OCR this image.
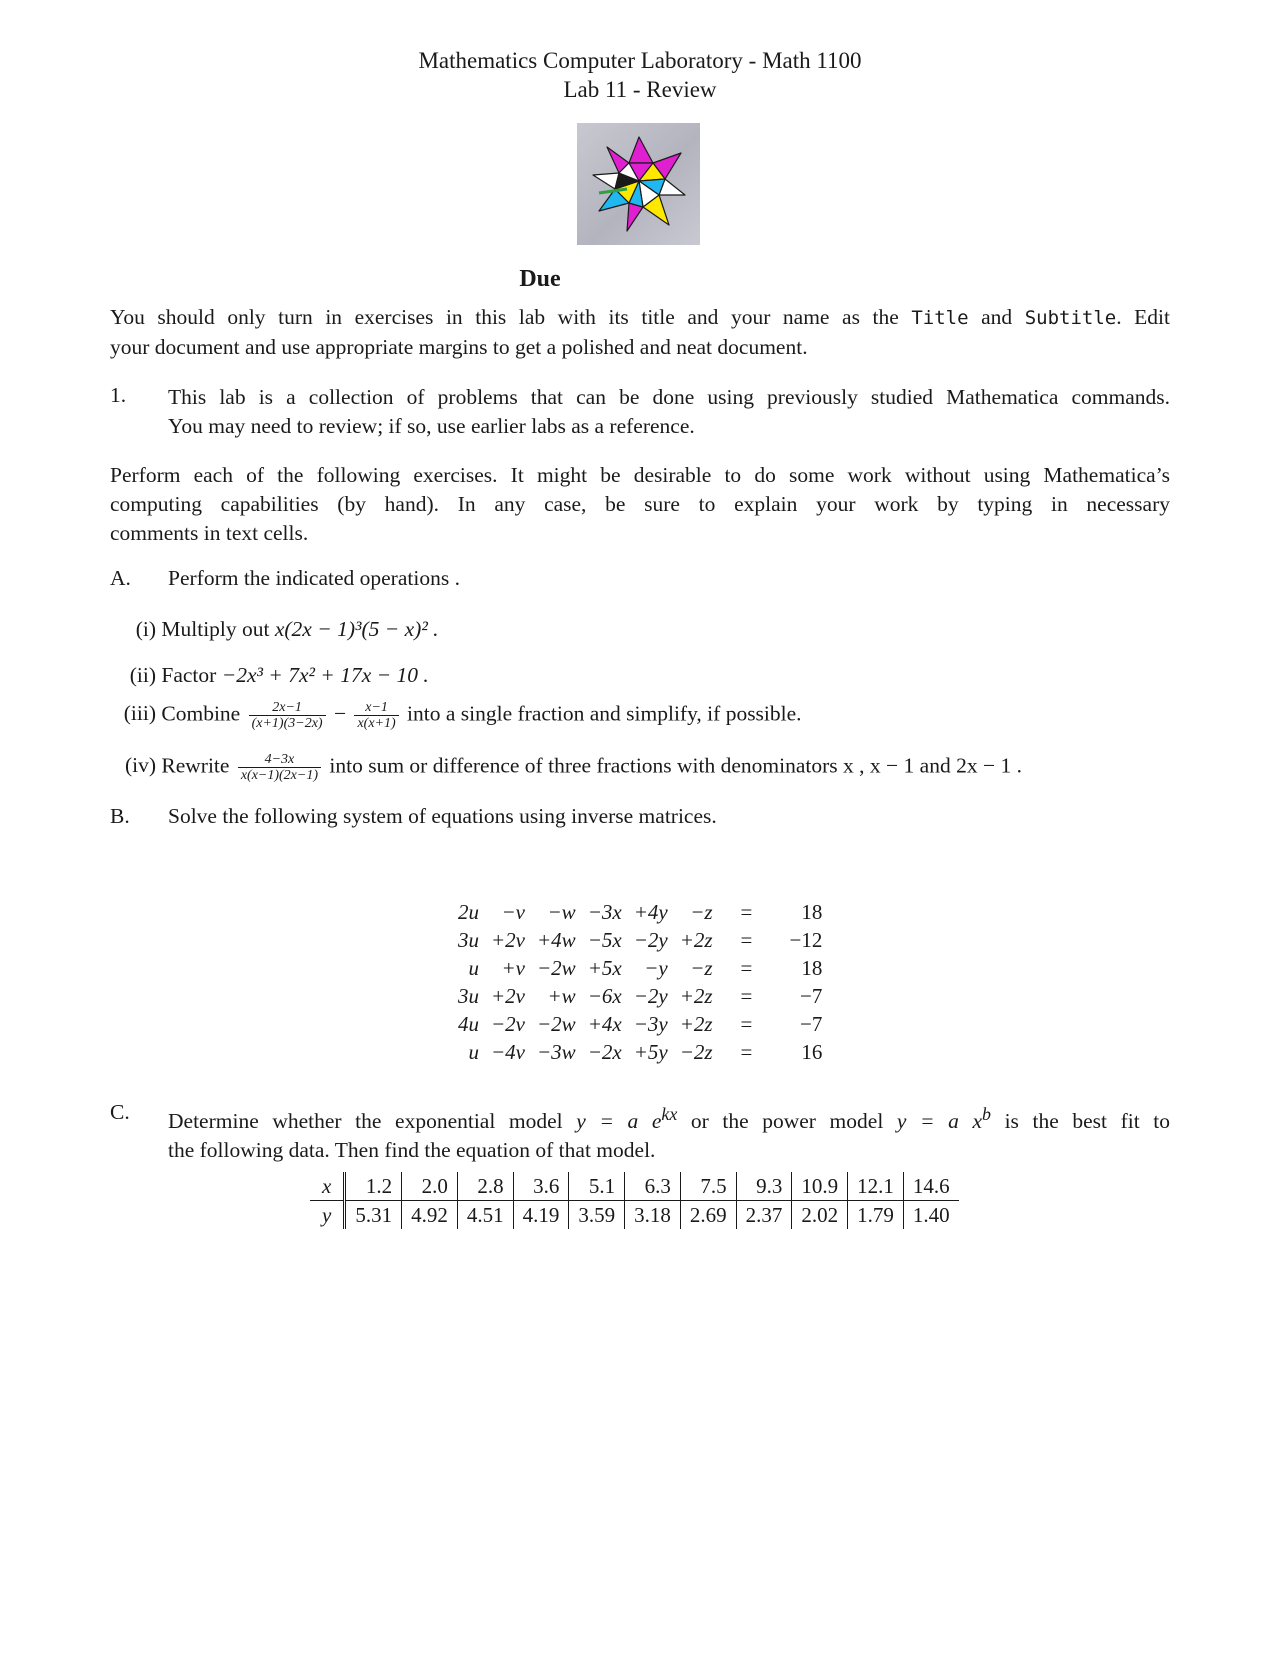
Mathematics Computer Laboratory - Math 1100
Lab 11 - Review
Due
You should only turn in exercises in this lab with its title and your name as the Title and Subtitle. Edit
your document and use appropriate margins to get a polished and neat document.
1. This lab is a collection of problems that can be done using previously studied Mathematica commands.
You may need to review; if so, use earlier labs as a reference.
Perform each of the following exercises. It might be desirable to do some work without using Mathematica’s
computing capabilities (by hand). In any case, be sure to explain your work by typing in necessary
comments in text cells.
A. Perform the indicated operations .
(i) Multiply out x(2x − 1)³(5 − x)² .
(ii) Factor −2x³ + 7x² + 17x − 10 .
(iii) Combine $\frac{2x-1}{(x+1)(3-2x)} - \frac{x-1}{x(x+1)}$ into a single fraction and simplify, if possible.
(iv) Rewrite $\frac{4-3x}{x(x-1)(2x-1)}$ into sum or difference of three fractions with denominators x , x − 1 and 2x − 1 .
B. Solve the following system of equations using inverse matrices.
2u	−v	−w	−3x	+4y	−z	=	18
3u	+2v	+4w	−5x	−2y	+2z	=	−12
u	+v	−2w	+5x	−y	−z	=	18
3u	+2v	+w	−6x	−2y	+2z	=	−7
4u	−2v	−2w	+4x	−3y	+2z	=	−7
u	−4v	−3w	−2x	+5y	−2z	=	16
C. Determine whether the exponential model y = a $e^{kx}$ or the power model y = a $x^b$ is the best fit to
the following data. Then find the equation of that model.
x	1.2	2.0	2.8	3.6	5.1	6.3	7.5	9.3	10.9	12.1	14.6
y	5.31	4.92	4.51	4.19	3.59	3.18	2.69	2.37	2.02	1.79	1.40
